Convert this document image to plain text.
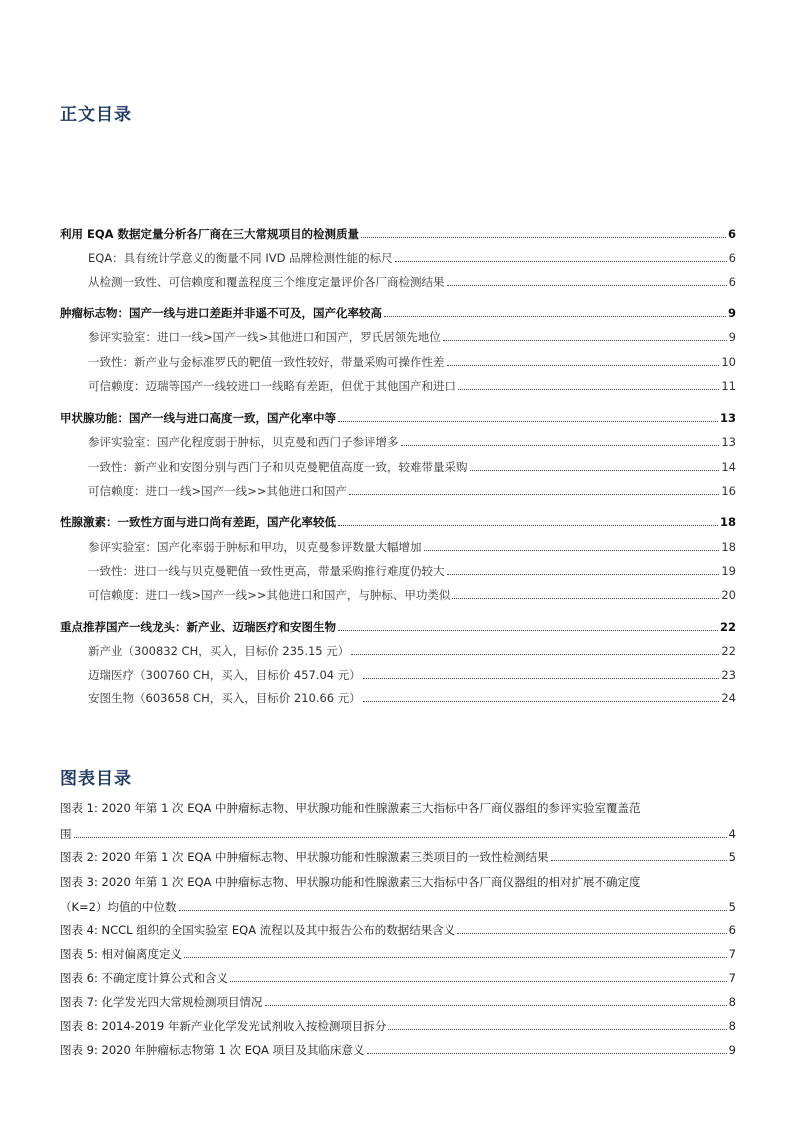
正文目录
利用 EQA 数据定量分析各厂商在三大常规项目的检测质量	6
EQA：具有统计学意义的衡量不同 IVD 品牌检测性能的标尺	6
从检测一致性、可信赖度和覆盖程度三个维度定量评价各厂商检测结果	6
肿瘤标志物：国产一线与进口差距并非遥不可及，国产化率较高	9
参评实验室：进口一线>国产一线>其他进口和国产，罗氏居领先地位	9
一致性：新产业与金标准罗氏的靶值一致性较好，带量采购可操作性差	10
可信赖度：迈瑞等国产一线较进口一线略有差距，但优于其他国产和进口	11
甲状腺功能：国产一线与进口高度一致，国产化率中等	13
参评实验室：国产化程度弱于肿标，贝克曼和西门子参评增多	13
一致性：新产业和安图分别与西门子和贝克曼靶值高度一致，较难带量采购	14
可信赖度：进口一线>国产一线>>其他进口和国产	16
性腺激素：一致性方面与进口尚有差距，国产化率较低	18
参评实验室：国产化率弱于肿标和甲功，贝克曼参评数量大幅增加	18
一致性：进口一线与贝克曼靶值一致性更高，带量采购推行难度仍较大	19
可信赖度：进口一线>国产一线>>其他进口和国产，与肿标、甲功类似	20
重点推荐国产一线龙头：新产业、迈瑞医疗和安图生物	22
新产业（300832 CH，买入，目标价 235.15 元）	22
迈瑞医疗（300760 CH，买入，目标价 457.04 元）	23
安图生物（603658 CH，买入，目标价 210.66 元）	24
图表目录
图表 1: 2020 年第 1 次 EQA 中肿瘤标志物、甲状腺功能和性腺激素三大指标中各厂商仪器组的参评实验室覆盖范
围	4
图表 2: 2020 年第 1 次 EQA 中肿瘤标志物、甲状腺功能和性腺激素三类项目的一致性检测结果	5
图表 3: 2020 年第 1 次 EQA 中肿瘤标志物、甲状腺功能和性腺激素三大指标中各厂商仪器组的相对扩展不确定度
（K=2）均值的中位数	5
图表 4: NCCL 组织的全国实验室 EQA 流程以及其中报告公布的数据结果含义	6
图表 5: 相对偏离度定义	7
图表 6: 不确定度计算公式和含义	7
图表 7: 化学发光四大常规检测项目情况	8
图表 8: 2014-2019 年新产业化学发光试剂收入按检测项目拆分	8
图表 9: 2020 年肿瘤标志物第 1 次 EQA 项目及其临床意义	9
